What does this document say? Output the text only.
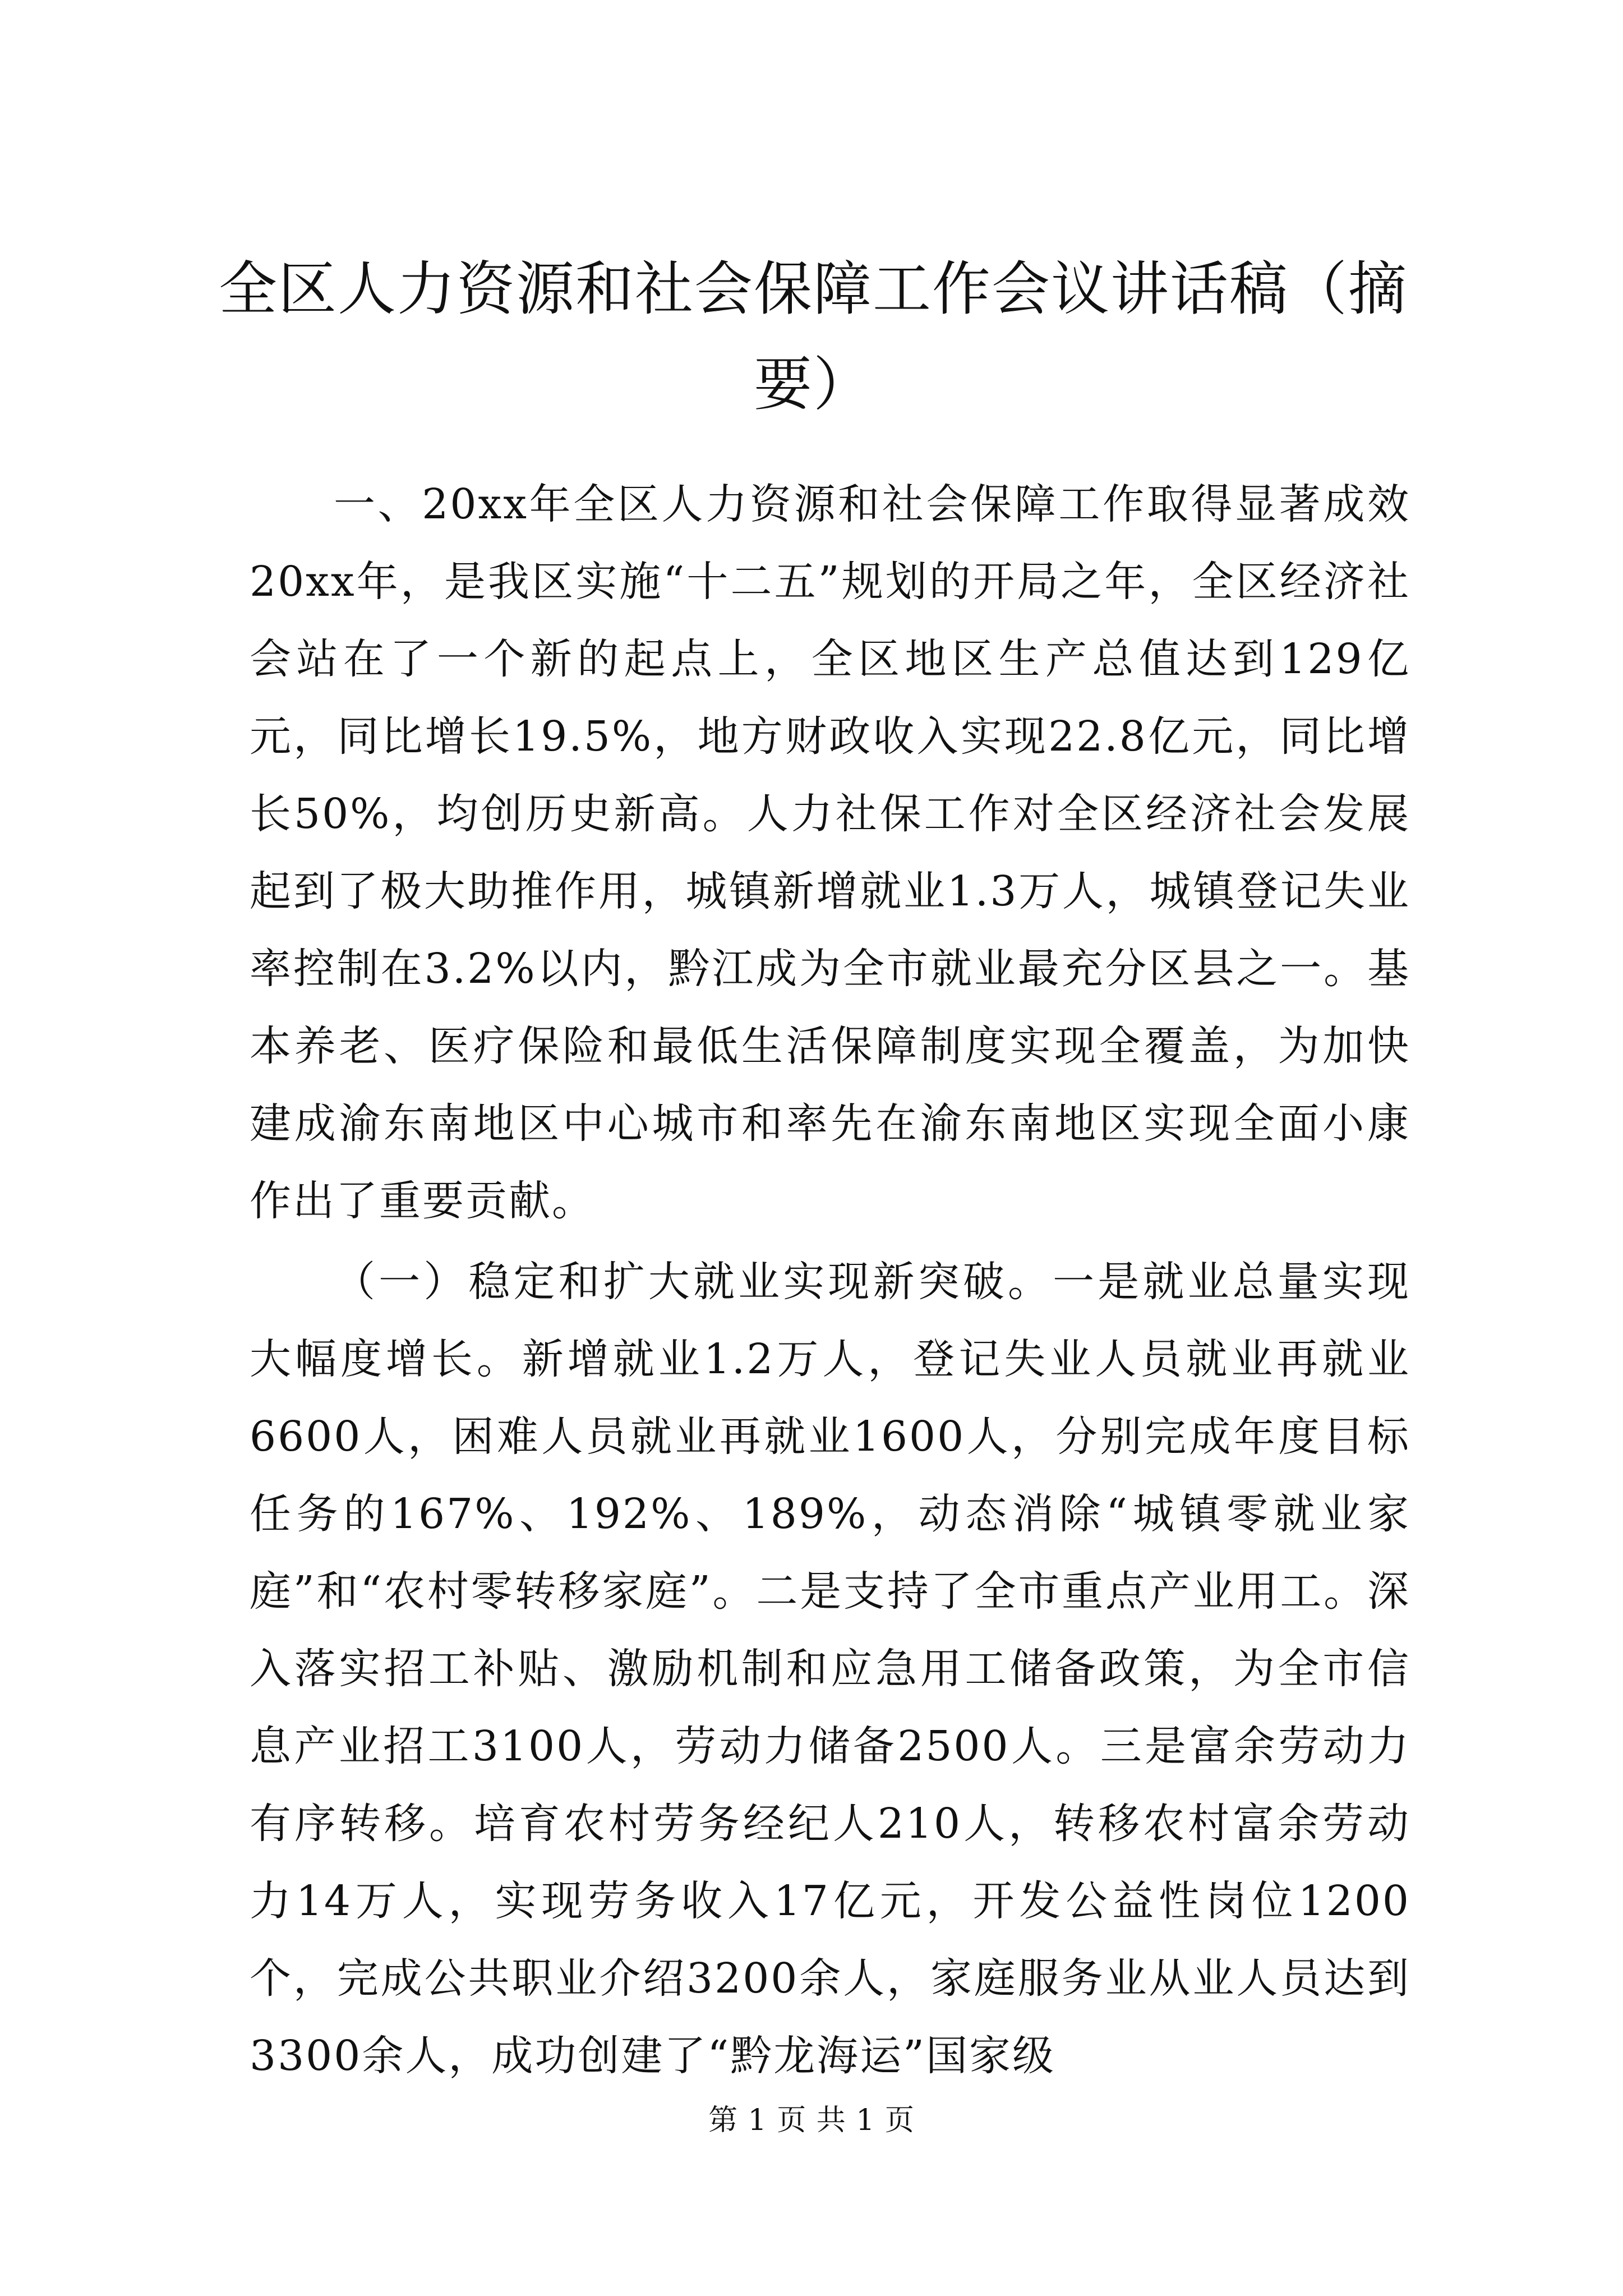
全区人力资源和社会保障工作会议讲话稿（摘要）

一、20xx年全区人力资源和社会保障工作取得显著成效20xx年，是我区实施“十二五”规划的开局之年，全区经济社会站在了一个新的起点上，全区地区生产总值达到129亿元，同比增长19.5%，地方财政收入实现22.8亿元，同比增长50%，均创历史新高。人力社保工作对全区经济社会发展起到了极大助推作用，城镇新增就业1.3万人，城镇登记失业率控制在3.2%以内，黔江成为全市就业最充分区县之一。基本养老、医疗保险和最低生活保障制度实现全覆盖，为加快建成渝东南地区中心城市和率先在渝东南地区实现全面小康作出了重要贡献。

（一）稳定和扩大就业实现新突破。一是就业总量实现大幅度增长。新增就业1.2万人，登记失业人员就业再就业6600人，困难人员就业再就业1600人，分别完成年度目标任务的167%、192%、189%，动态消除“城镇零就业家庭”和“农村零转移家庭”。二是支持了全市重点产业用工。深入落实招工补贴、激励机制和应急用工储备政策，为全市信息产业招工3100人，劳动力储备2500人。三是富余劳动力有序转移。培育农村劳务经纪人210人，转移农村富余劳动力14万人，实现劳务收入17亿元，开发公益性岗位1200个，完成公共职业介绍3200余人，家庭服务业从业人员达到3300余人，成功创建了“黔龙海运”国家级

第 1 页 共 1 页
